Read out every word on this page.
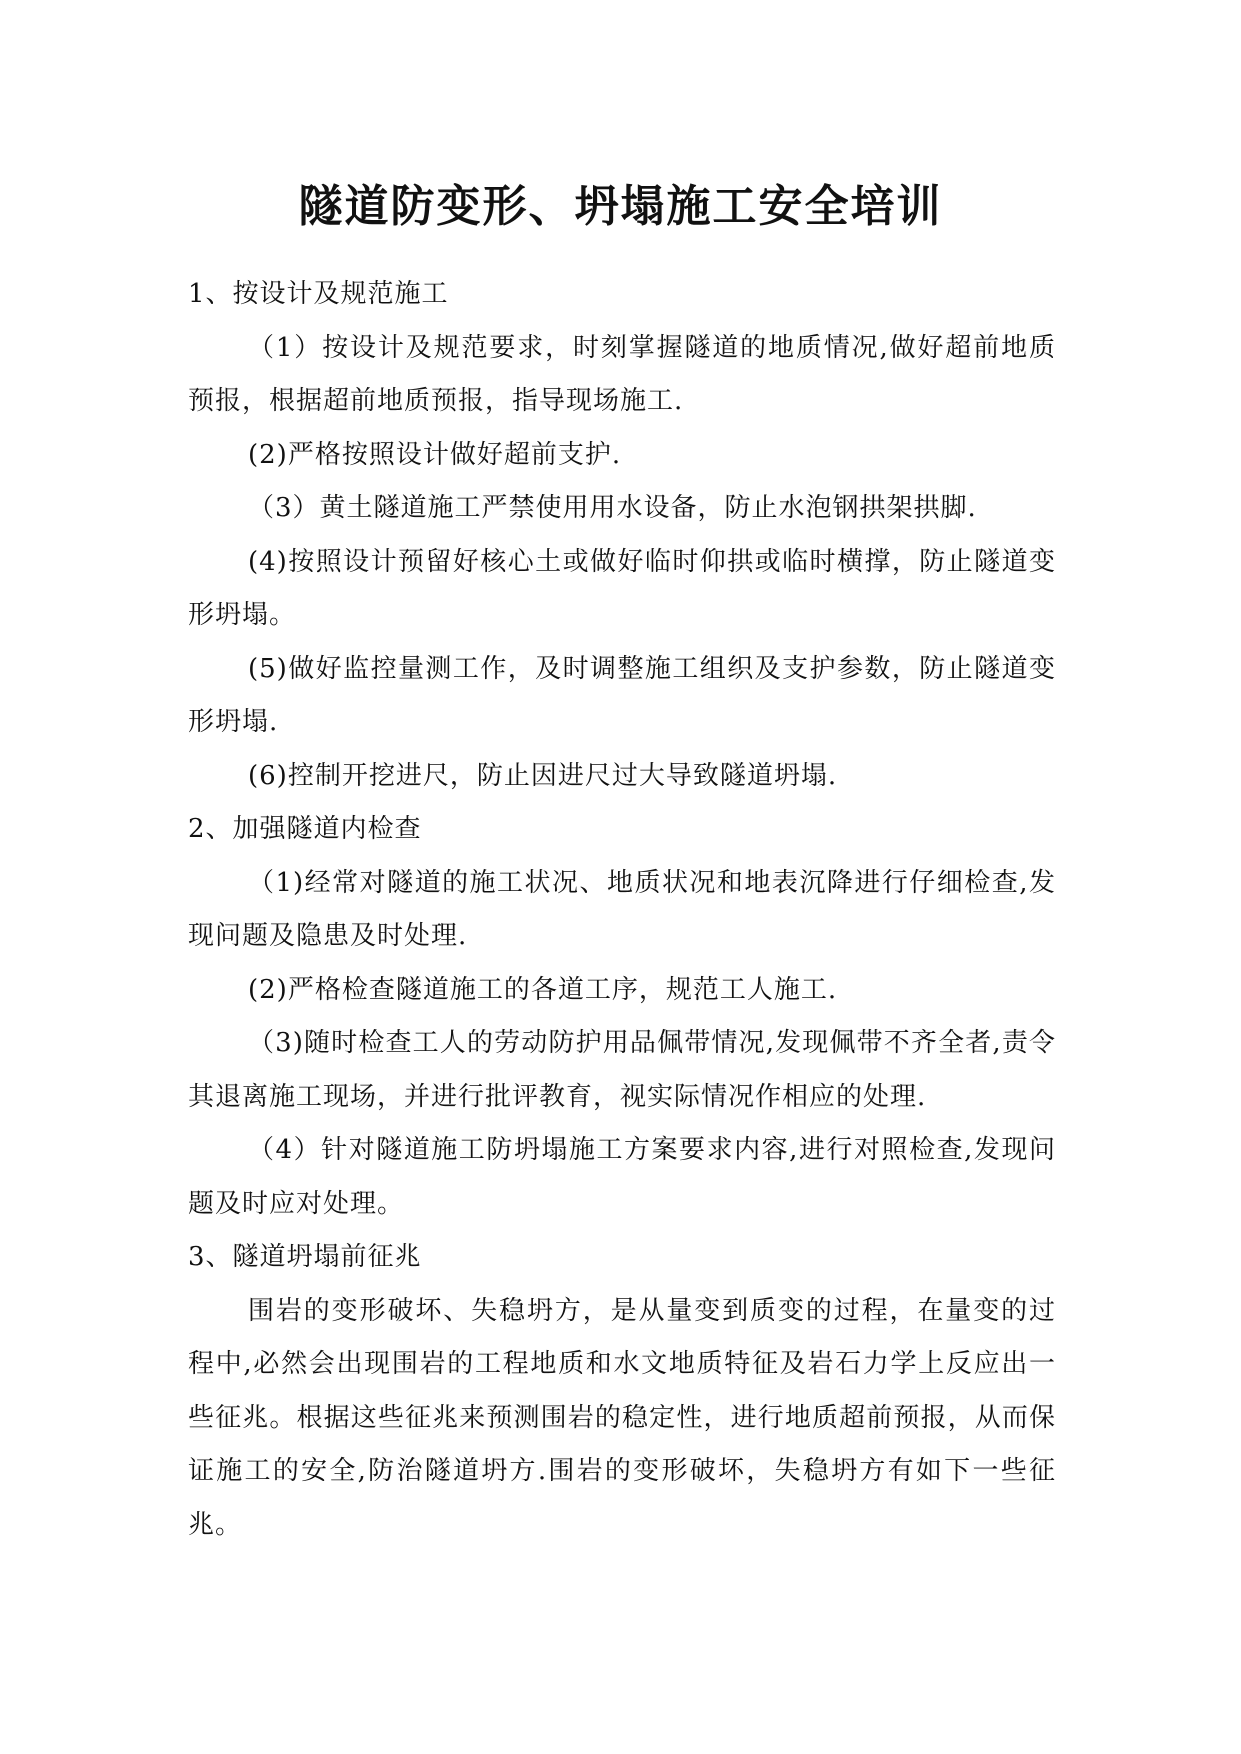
隧道防变形、坍塌施工安全培训

1、按设计及规范施工

（1）按设计及规范要求，时刻掌握隧道的地质情况,做好超前地质预报，根据超前地质预报，指导现场施工.

(2)严格按照设计做好超前支护.

（3）黄土隧道施工严禁使用用水设备，防止水泡钢拱架拱脚.

(4)按照设计预留好核心土或做好临时仰拱或临时横撑，防止隧道变形坍塌。

(5)做好监控量测工作，及时调整施工组织及支护参数，防止隧道变形坍塌.

(6)控制开挖进尺，防止因进尺过大导致隧道坍塌.

2、加强隧道内检查

（1)经常对隧道的施工状况、地质状况和地表沉降进行仔细检查,发现问题及隐患及时处理.

(2)严格检查隧道施工的各道工序，规范工人施工.

（3)随时检查工人的劳动防护用品佩带情况,发现佩带不齐全者,责令其退离施工现场，并进行批评教育，视实际情况作相应的处理.

（4）针对隧道施工防坍塌施工方案要求内容,进行对照检查,发现问题及时应对处理。

3、隧道坍塌前征兆

围岩的变形破坏、失稳坍方，是从量变到质变的过程，在量变的过程中,必然会出现围岩的工程地质和水文地质特征及岩石力学上反应出一些征兆。根据这些征兆来预测围岩的稳定性，进行地质超前预报，从而保证施工的安全,防治隧道坍方.围岩的变形破坏，失稳坍方有如下一些征兆。
